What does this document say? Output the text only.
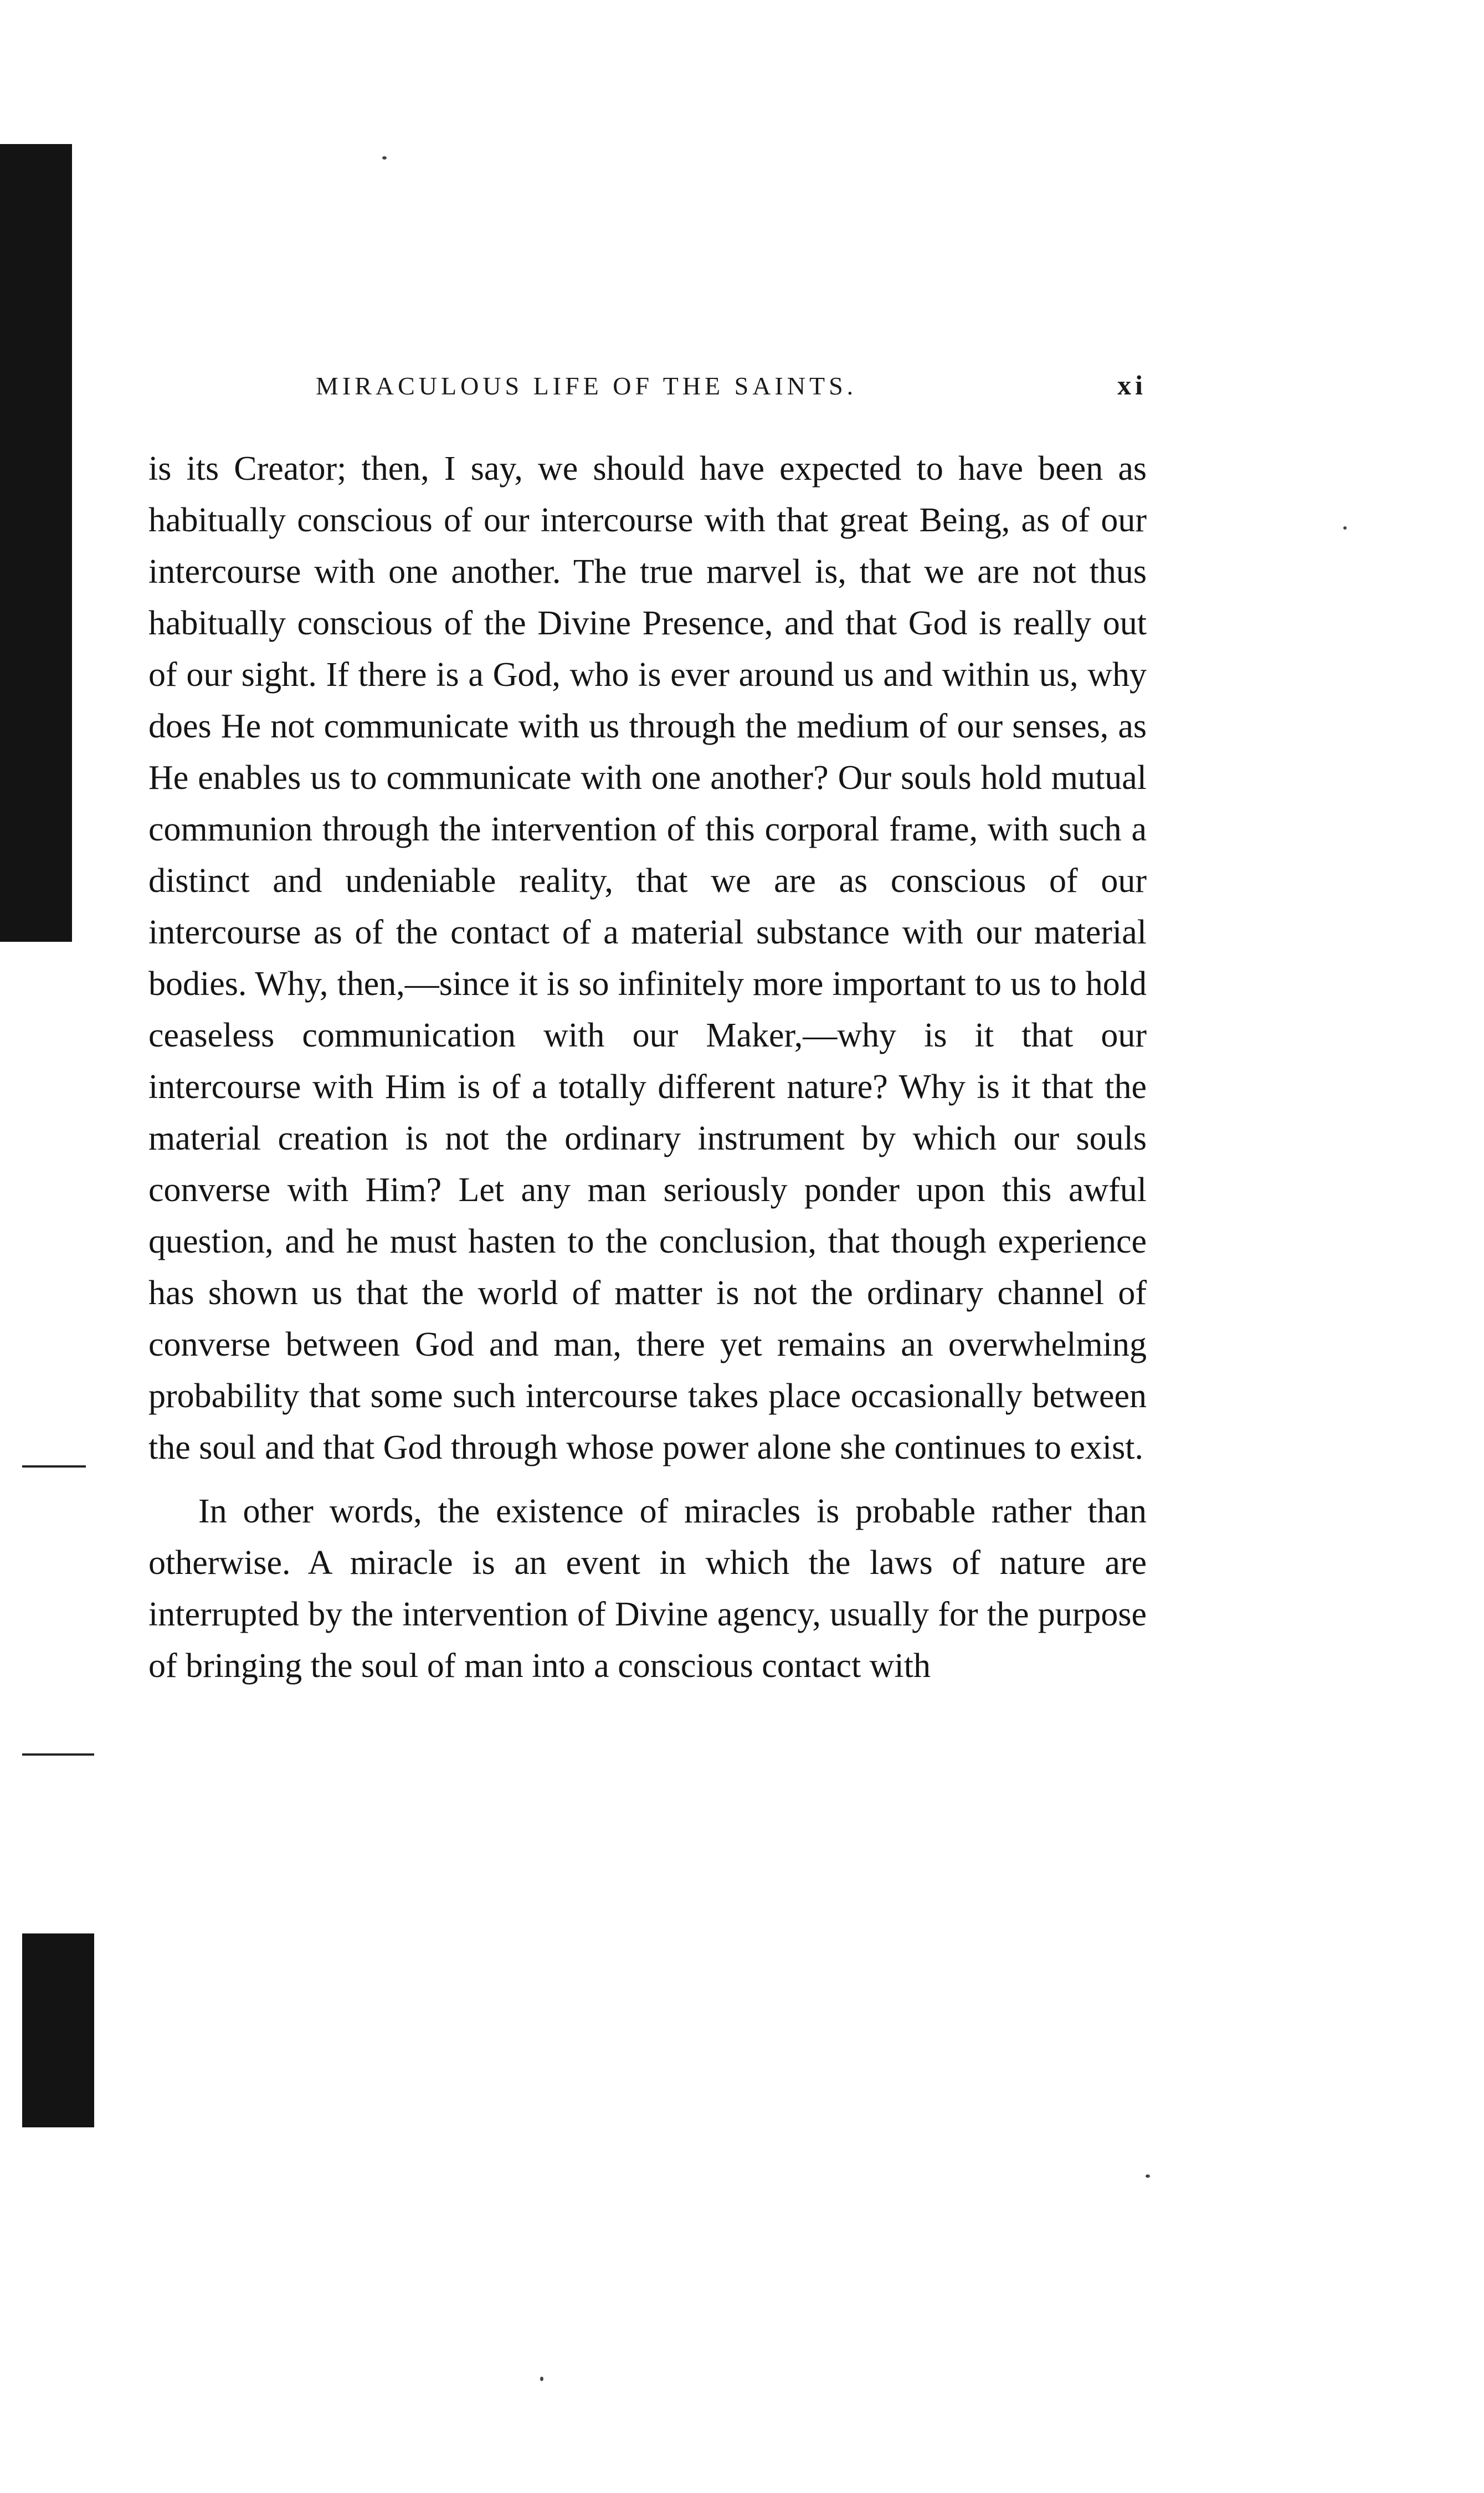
MIRACULOUS LIFE OF THE SAINTS.	xi

is its Creator; then, I say, we should have expected to have been as habitually conscious of our intercourse with that great Being, as of our intercourse with one another. The true marvel is, that we are not thus habitually conscious of the Divine Presence, and that God is really out of our sight. If there is a God, who is ever around us and within us, why does He not communicate with us through the medium of our senses, as He enables us to communicate with one another? Our souls hold mutual communion through the intervention of this corporal frame, with such a distinct and undeniable reality, that we are as conscious of our intercourse as of the contact of a material substance with our material bodies. Why, then,—since it is so infinitely more important to us to hold ceaseless communication with our Maker,—why is it that our intercourse with Him is of a totally different nature? Why is it that the material creation is not the ordinary instrument by which our souls converse with Him? Let any man seriously ponder upon this awful question, and he must hasten to the conclusion, that though experience has shown us that the world of matter is not the ordinary channel of converse between God and man, there yet remains an overwhelming probability that some such intercourse takes place occasionally between the soul and that God through whose power alone she continues to exist.

In other words, the existence of miracles is probable rather than otherwise. A miracle is an event in which the laws of nature are interrupted by the intervention of Divine agency, usually for the purpose of bringing the soul of man into a conscious contact with
